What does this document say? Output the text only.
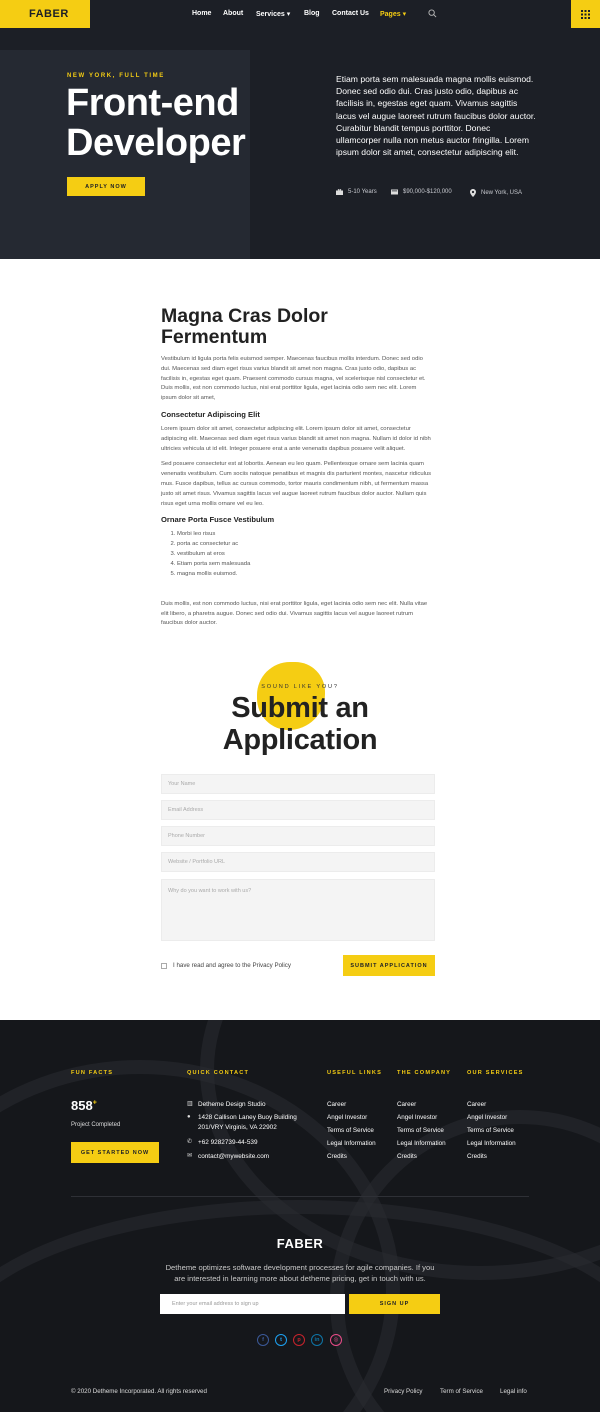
FABER	Home About Services ▾ Blog Contact Us Pages ▾
NEW YORK, FULL TIME
Front-end
Developer
APPLY NOW
Etiam porta sem malesuada magna mollis euismod. Donec sed odio dui. Cras justo odio, dapibus ac facilisis in, egestas eget quam. Vivamus sagittis lacus vel augue laoreet rutrum faucibus dolor auctor. Curabitur blandit tempus porttitor. Donec ullamcorper nulla non metus auctor fringilla. Lorem ipsum dolor sit amet, consectetur adipiscing elit.
5-10 Years	$90,000-$120,000	New York, USA
Magna Cras Dolor Fermentum

Vestibulum id ligula porta felis euismod semper. Maecenas faucibus mollis interdum. Donec sed odio dui. Maecenas sed diam eget risus varius blandit sit amet non magna. Cras justo odio, dapibus ac facilisis in, egestas eget quam. Praesent commodo cursus magna, vel scelerisque nisl consectetur et. Duis mollis, est non commodo luctus, nisi erat porttitor ligula, eget lacinia odio sem nec elit. Lorem ipsum dolor sit amet,

Consectetur Adipiscing Elit

Lorem ipsum dolor sit amet, consectetur adipiscing elit. Lorem ipsum dolor sit amet, consectetur adipiscing elit. Maecenas sed diam eget risus varius blandit sit amet non magna. Nullam id dolor id nibh ultricies vehicula ut id elit. Integer posuere erat a ante venenatis dapibus posuere velit aliquet.

Sed posuere consectetur est at lobortis. Aenean eu leo quam. Pellentesque ornare sem lacinia quam venenatis vestibulum. Cum sociis natoque penatibus et magnis dis parturient montes, nascetur ridiculus mus. Fusce dapibus, tellus ac cursus commodo, tortor mauris condimentum nibh, ut fermentum massa justo sit amet risus. Vivamus sagittis lacus vel augue laoreet rutrum faucibus dolor auctor. Nullam quis risus eget urna mollis ornare vel eu leo.

Ornare Porta Fusce Vestibulum
1. Morbi leo risus
2. porta ac consectetur ac
3. vestibulum at eros
4. Etiam porta sem malesuada
5. magna mollis euismod.

Duis mollis, est non commodo luctus, nisi erat porttitor ligula, eget lacinia odio sem nec elit. Nulla vitae elit libero, a pharetra augue. Donec sed odio dui. Vivamus sagittis lacus vel augue laoreet rutrum faucibus dolor auctor.

SOUND LIKE YOU?
Submit an
Application
Your Name
Email Address
Phone Number
Website / Portfolio URL
Why do you want to work with us?
I have read and agree to the Privacy Policy	SUBMIT APPLICATION
FUN FACTS
858+
Project Completed
GET STARTED NOW
QUICK CONTACT
▥ Detheme Design Studio
●	1428 Callison Laney Buoy Building 201/VRY Virginis, VA 22902
✆ +62 9282739-44-539
✉ contact@mywebsite.com
USEFUL LINKS
Career
Angel Investor
Terms of Service
Legal Information
Credits
THE COMPANY
Career
Angel Investor
Terms of Service
Legal Information
Credits
OUR SERVICES
Career
Angel Investor
Terms of Service
Legal Information
Credits
FABER
Detheme optimizes software development processes for agile companies. If you are interested in learning more about detheme pricing, get in touch with us.
Enter your email address to sign up	SIGN UP
f	t	p	in	◎
© 2020 Detheme Incorporated. All rights reserved	Privacy Policy	Term of Service	Legal info
